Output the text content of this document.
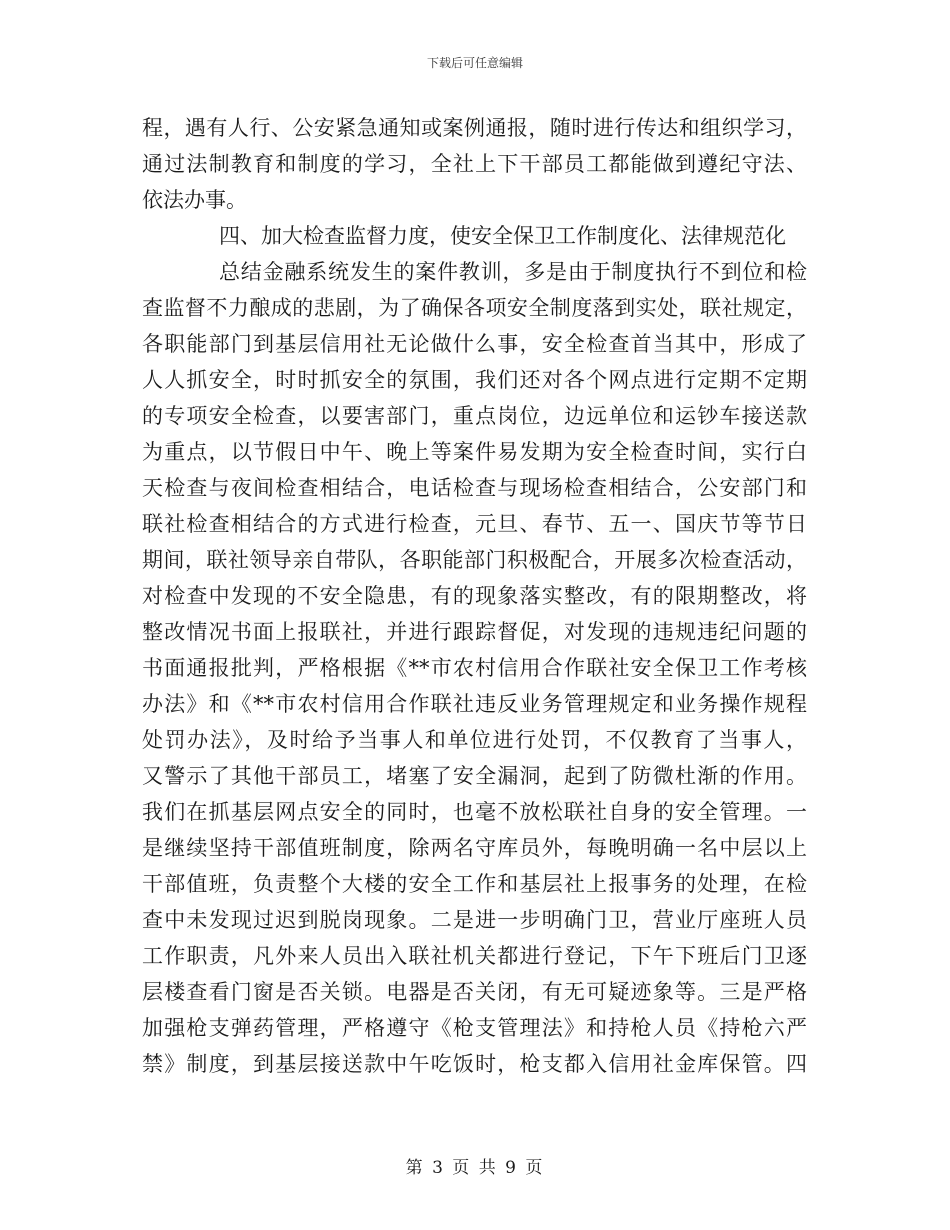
下载后可任意编辑
程，遇有人行、公安紧急通知或案例通报，随时进行传达和组织学习，
通过法制教育和制度的学习，全社上下干部员工都能做到遵纪守法、
依法办事。
四、加大检查监督力度，使安全保卫工作制度化、法律规范化
总结金融系统发生的案件教训，多是由于制度执行不到位和检
查监督不力酿成的悲剧，为了确保各项安全制度落到实处，联社规定，
各职能部门到基层信用社无论做什么事，安全检查首当其中，形成了
人人抓安全，时时抓安全的氛围，我们还对各个网点进行定期不定期
的专项安全检查，以要害部门，重点岗位，边远单位和运钞车接送款
为重点，以节假日中午、晚上等案件易发期为安全检查时间，实行白
天检查与夜间检查相结合，电话检查与现场检查相结合，公安部门和
联社检查相结合的方式进行检查，元旦、春节、五一、国庆节等节日
期间，联社领导亲自带队，各职能部门积极配合，开展多次检查活动，
对检查中发现的不安全隐患，有的现象落实整改，有的限期整改，将
整改情况书面上报联社，并进行跟踪督促，对发现的违规违纪问题的
书面通报批判，严格根据《**市农村信用合作联社安全保卫工作考核
办法》和《**市农村信用合作联社违反业务管理规定和业务操作规程
处罚办法》，及时给予当事人和单位进行处罚，不仅教育了当事人，
又警示了其他干部员工，堵塞了安全漏洞，起到了防微杜渐的作用。
我们在抓基层网点安全的同时，也毫不放松联社自身的安全管理。一
是继续坚持干部值班制度，除两名守库员外，每晚明确一名中层以上
干部值班，负责整个大楼的安全工作和基层社上报事务的处理，在检
查中未发现过迟到脱岗现象。二是进一步明确门卫，营业厅座班人员
工作职责，凡外来人员出入联社机关都进行登记，下午下班后门卫逐
层楼查看门窗是否关锁。电器是否关闭，有无可疑迹象等。三是严格
加强枪支弹药管理，严格遵守《枪支管理法》和持枪人员《持枪六严
禁》制度，到基层接送款中午吃饭时，枪支都入信用社金库保管。四
第 3 页 共 9 页
